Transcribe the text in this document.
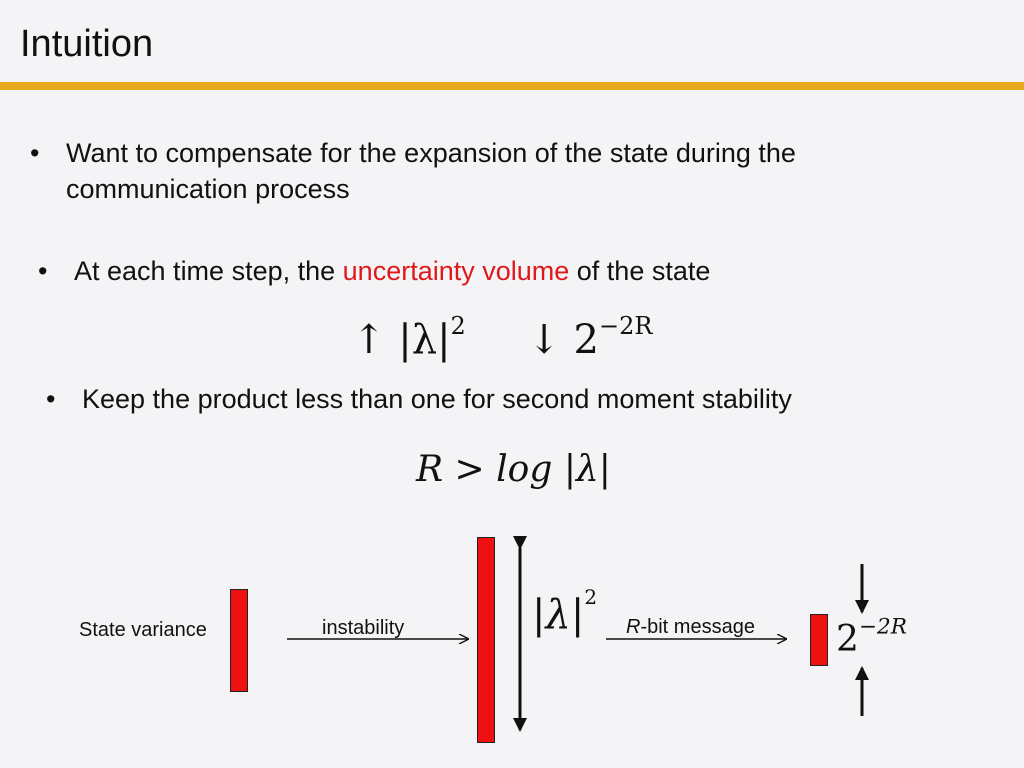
Intuition
• Want to compensate for the expansion of the state during the communication process
• At each time step, the uncertainty volume of the state
↑ $|\lambda|^2$ ↓ $2^{-2R}$
• Keep the product less than one for second moment stability
R > log |λ|
State variance	instability	$|\lambda|^2$
R-bit message $2^{-2R}$
